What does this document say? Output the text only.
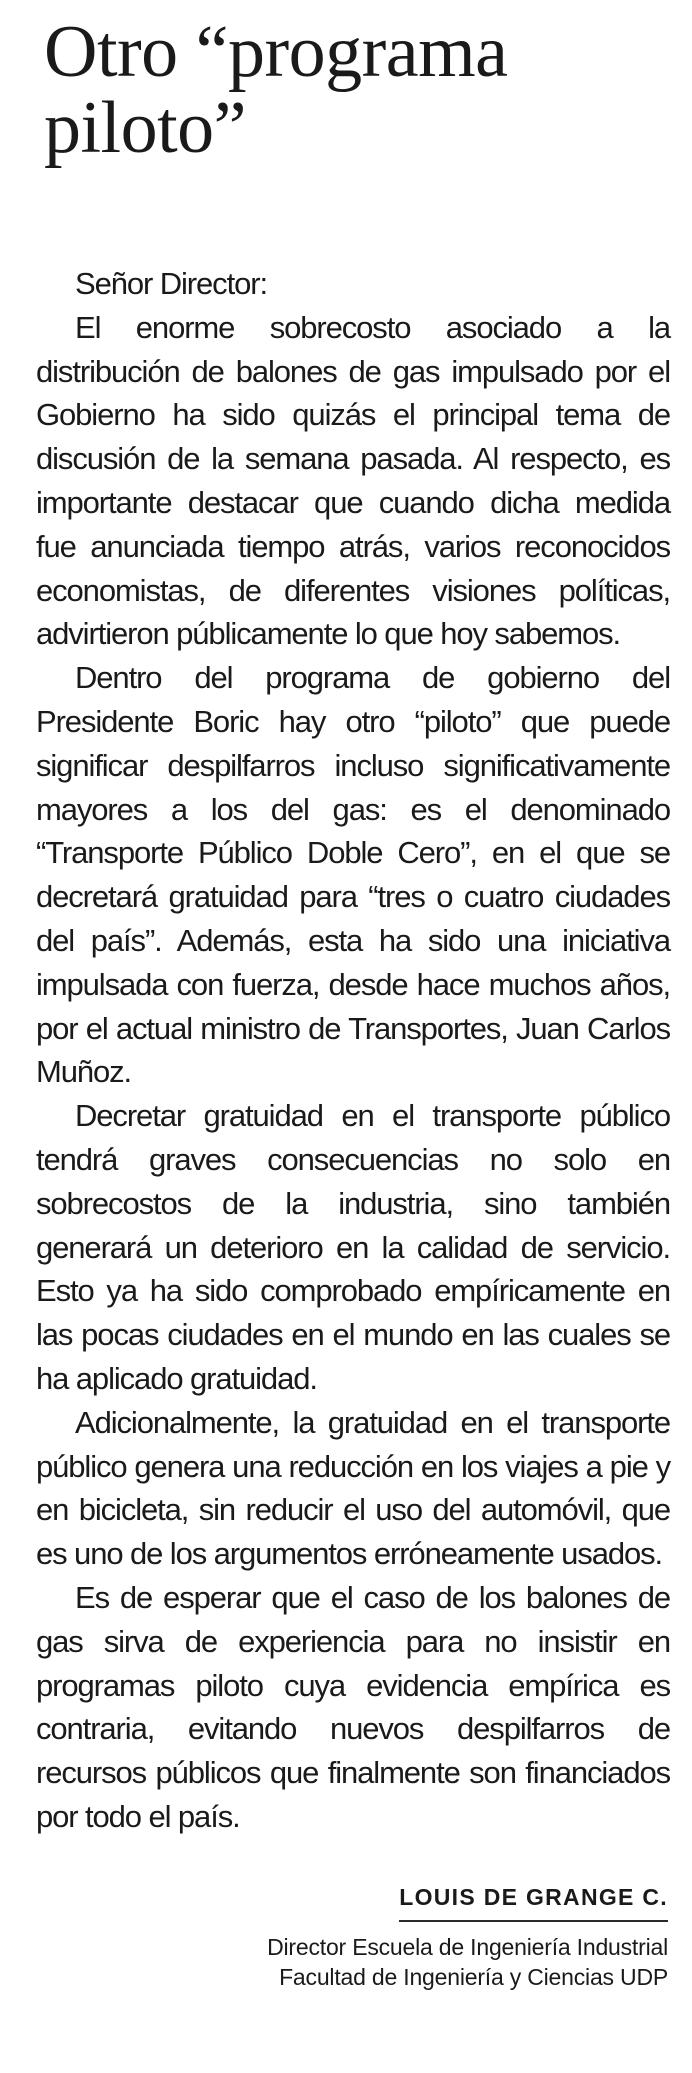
Otro “programa
piloto”

Señor Director:

El enorme sobrecosto asociado a la distribución de balones de gas impulsado por el Gobierno ha sido quizás el principal tema de discusión de la semana pasada. Al respecto, es importante destacar que cuando dicha medida fue anunciada tiempo atrás, varios reconocidos economistas, de diferentes visiones políticas, advirtieron públicamente lo que hoy sabemos.

Dentro del programa de gobierno del Presidente Boric hay otro “piloto” que puede significar despilfarros incluso significativamente mayores a los del gas: es el denominado “Transporte Público Doble Cero”, en el que se decretará gratuidad para “tres o cuatro ciudades del país”. Además, esta ha sido una iniciativa impulsada con fuerza, desde hace muchos años, por el actual ministro de Transportes, Juan Carlos Muñoz.

Decretar gratuidad en el transporte público tendrá graves consecuencias no solo en sobrecostos de la industria, sino también generará un deterioro en la calidad de servicio. Esto ya ha sido comprobado empíricamente en las pocas ciudades en el mundo en las cuales se ha aplicado gratuidad.

Adicionalmente, la gratuidad en el transporte público genera una reducción en los viajes a pie y en bicicleta, sin reducir el uso del automóvil, que es uno de los argumentos erróneamente usados.

Es de esperar que el caso de los balones de gas sirva de experiencia para no insistir en programas piloto cuya evidencia empírica es contraria, evitando nuevos despilfarros de recursos públicos que finalmente son financiados por todo el país.

LOUIS DE GRANGE C.

Director Escuela de Ingeniería Industrial
Facultad de Ingeniería y Ciencias UDP
